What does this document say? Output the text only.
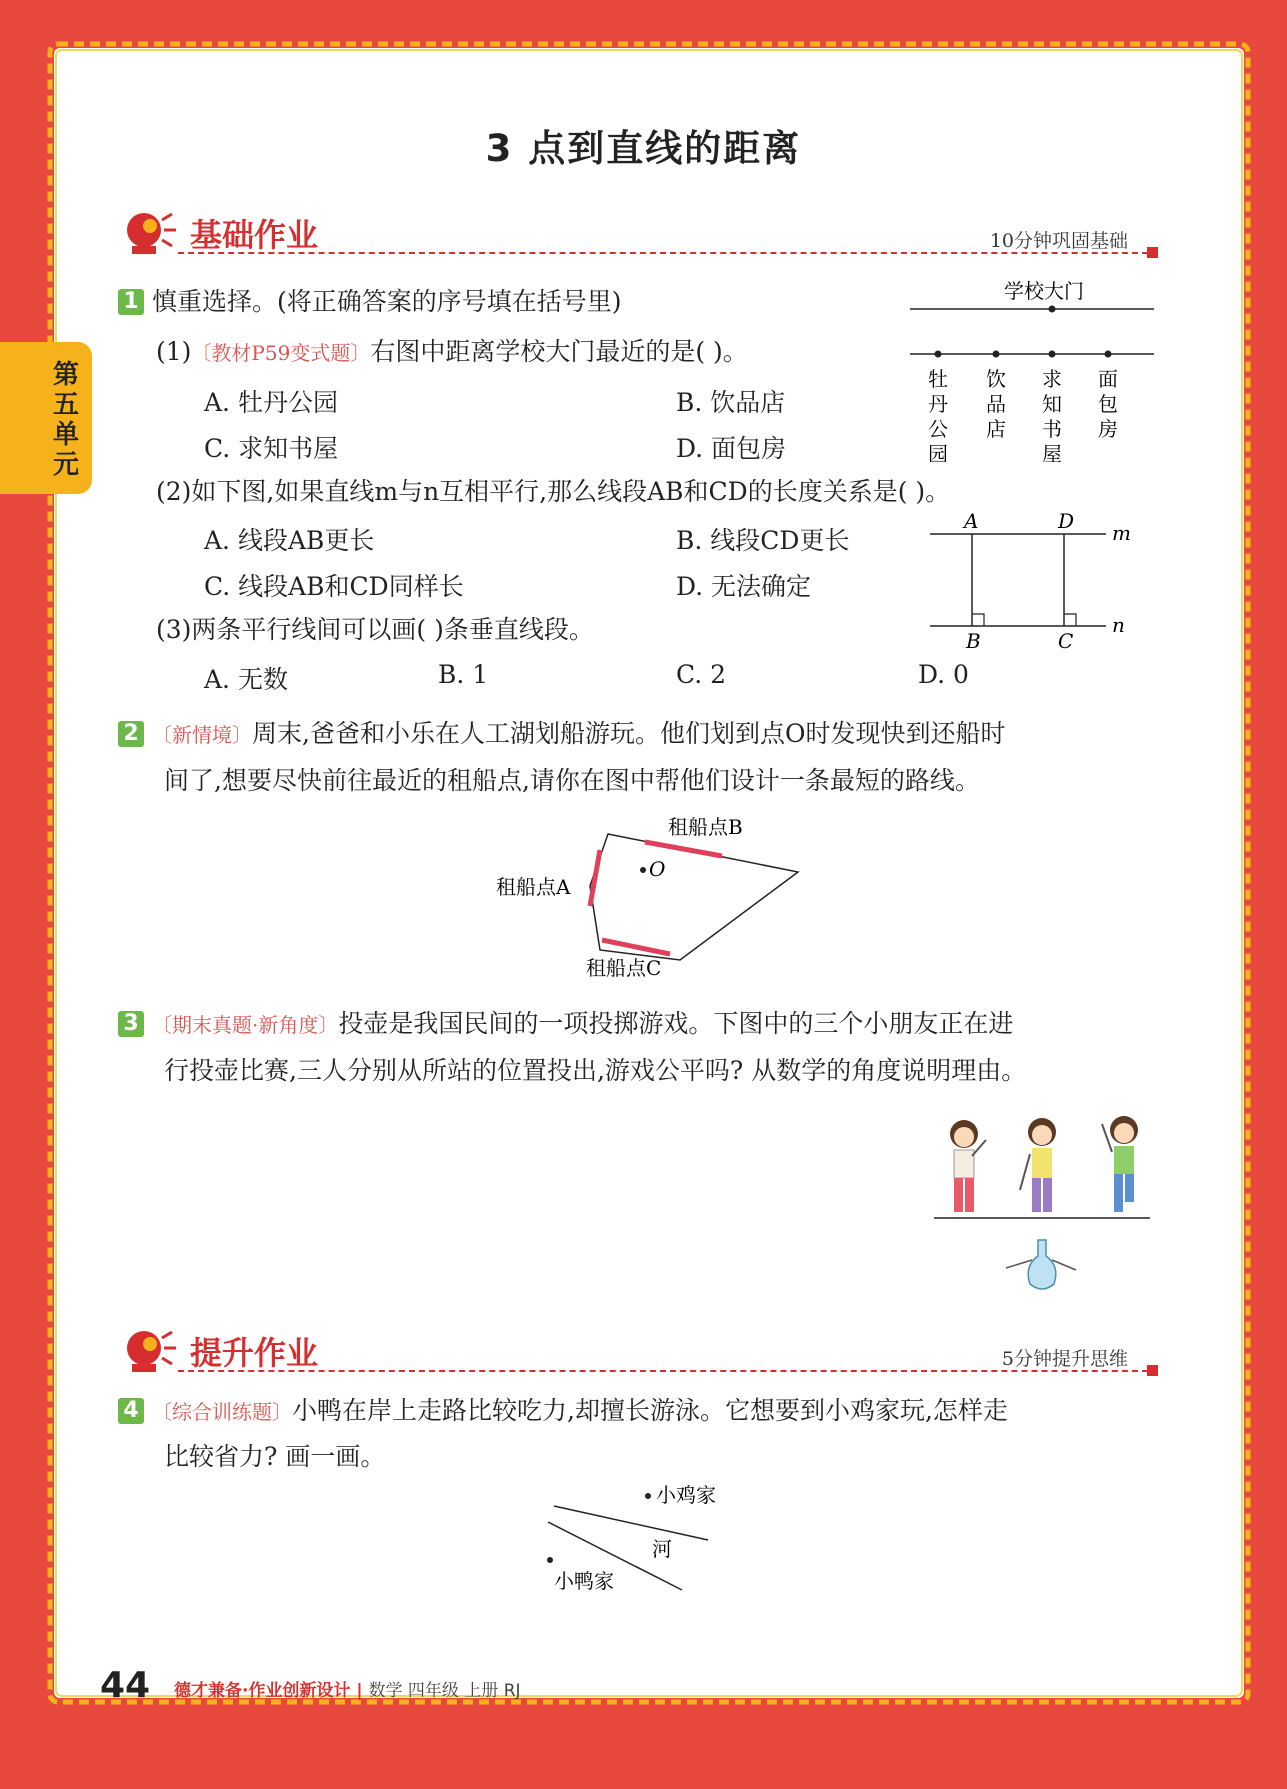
3 点到直线的距离
第五单元
基础作业	10分钟巩固基础
1 慎重选择。(将正确答案的序号填在括号里)
(1)〔教材P59变式题〕右图中距离学校大门最近的是( )。
A. 牡丹公园	B. 饮品店
C. 求知书屋	D. 面包房
(2)如下图,如果直线m与n互相平行,那么线段AB和CD的长度关系是( )。
A. 线段AB更长	B. 线段CD更长
C. 线段AB和CD同样长	D. 无法确定
(3)两条平行线间可以画( )条垂直线段。
A. 无数	B. 1	C. 2	D. 0
学校大门
牡
丹
公
园
饮
品
店
求
知
书
屋
面
包
房
A	D m
n
B	C
2 〔新情境〕周末,爸爸和小乐在人工湖划船游玩。他们划到点O时发现快到还船时
间了,想要尽快前往最近的租船点,请你在图中帮他们设计一条最短的路线。
租船点B
租船点A
租船点C
O
3 〔期末真题·新角度〕投壶是我国民间的一项投掷游戏。下图中的三个小朋友正在进
行投壶比赛,三人分别从所站的位置投出,游戏公平吗? 从数学的角度说明理由。
提升作业	5分钟提升思维
4 〔综合训练题〕小鸭在岸上走路比较吃力,却擅长游泳。它想要到小鸡家玩,怎样走
比较省力? 画一画。
小鸡家
河
小鸭家
44 德才兼备·作业创新设计 | 数学 四年级 上册 RJ
